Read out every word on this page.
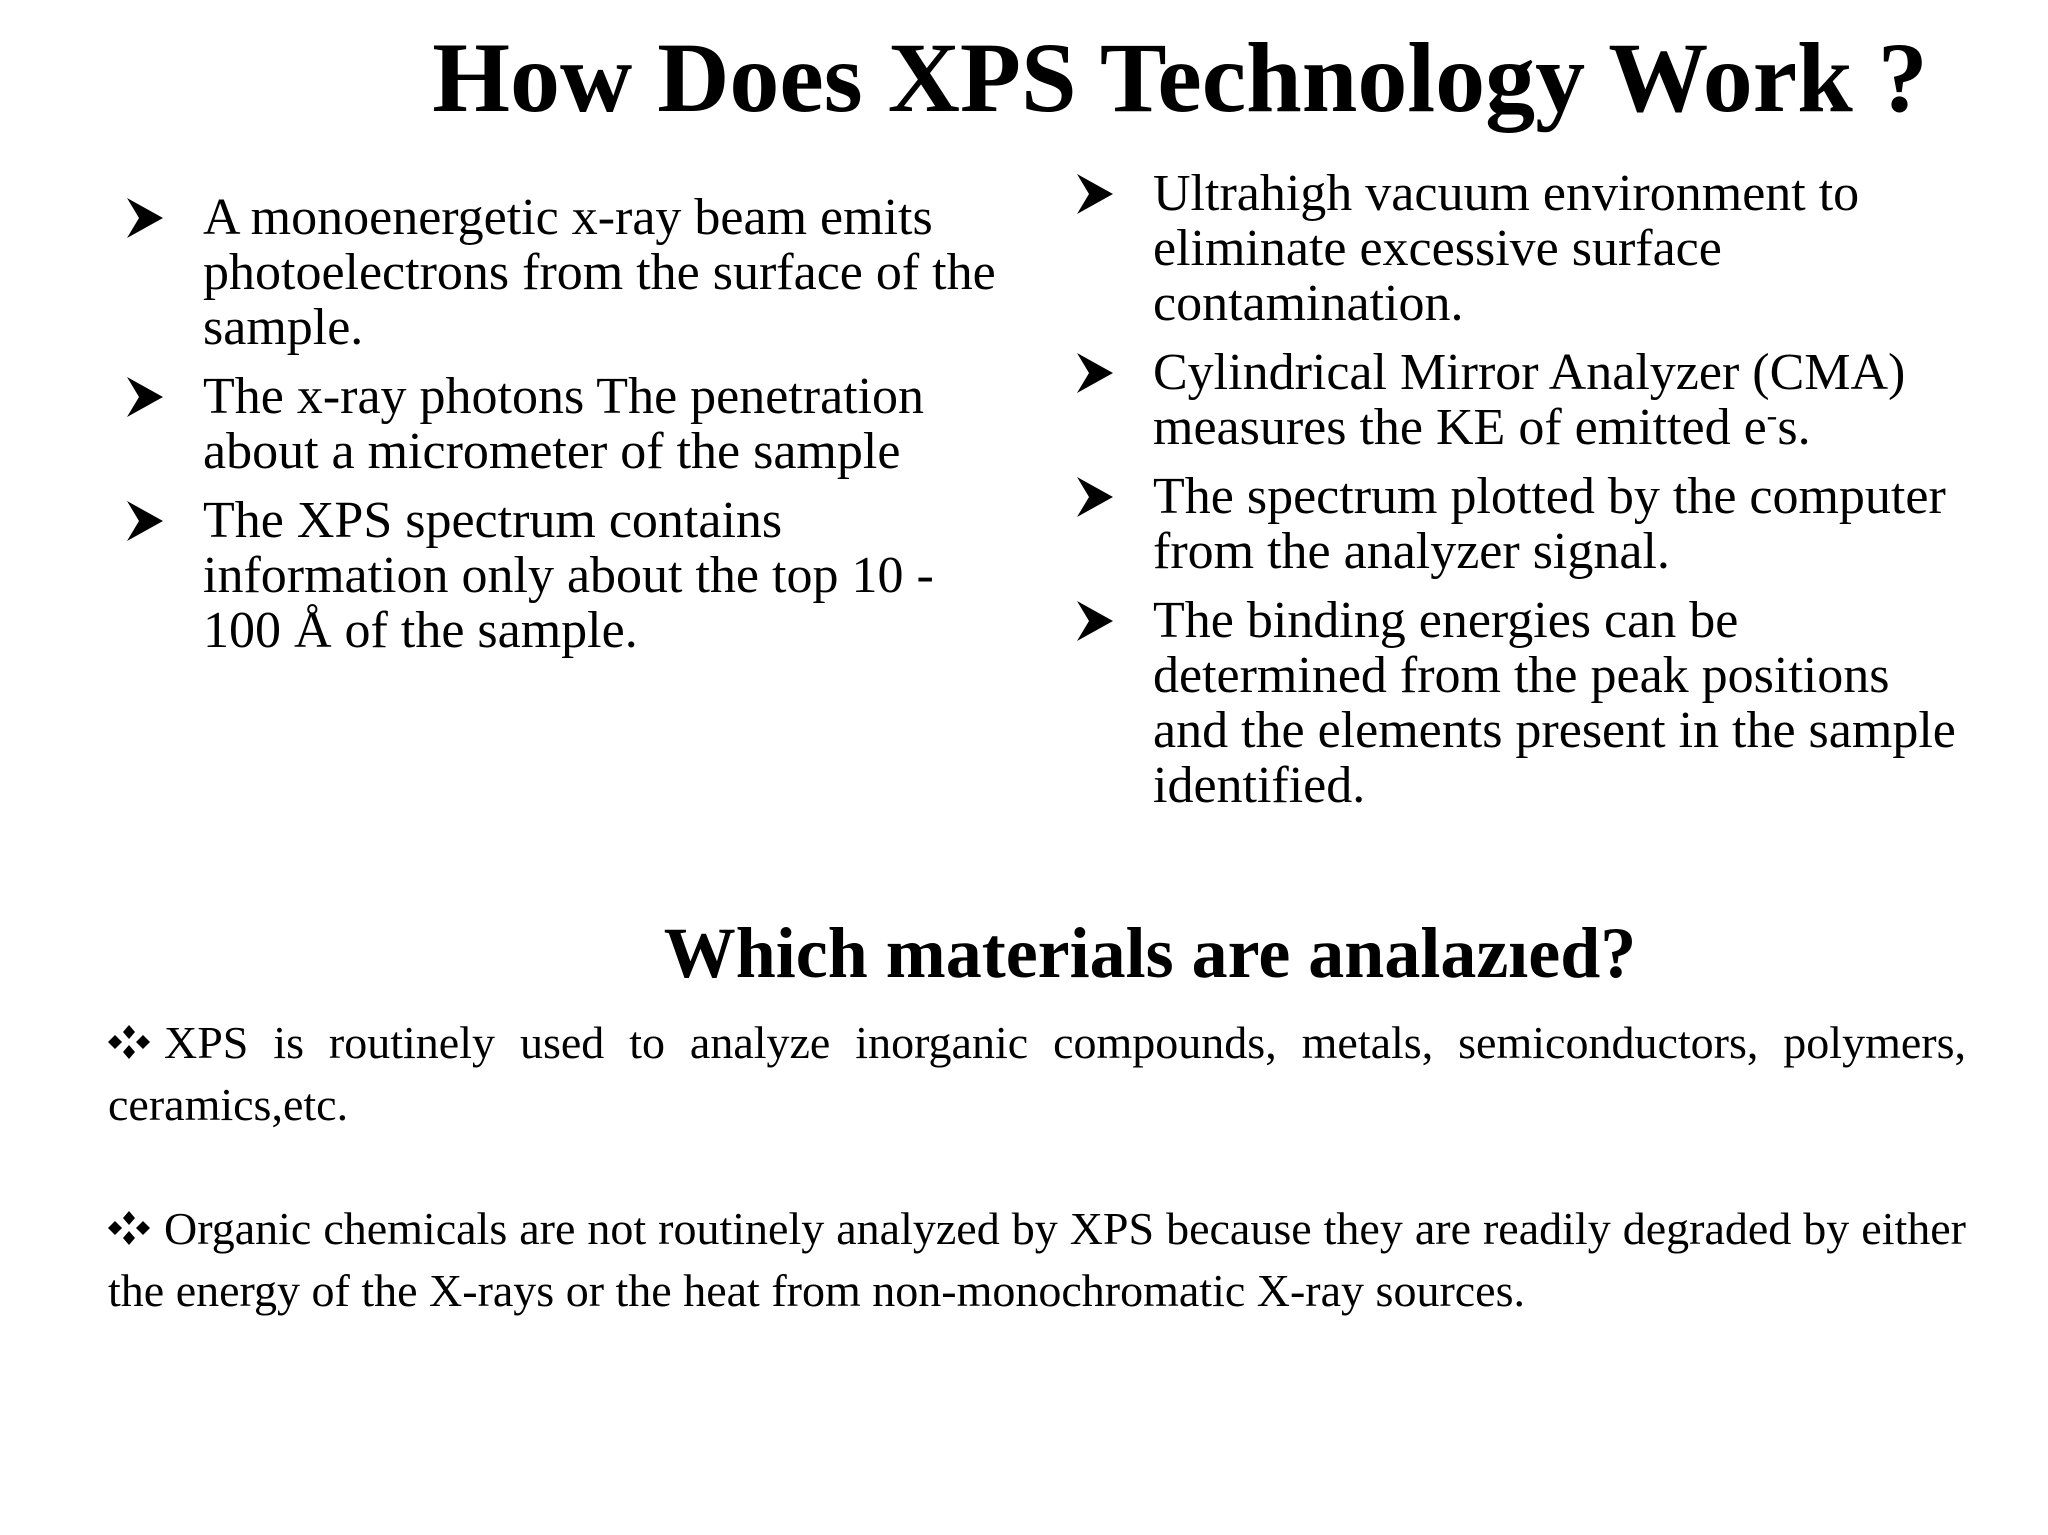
How Does XPS Technology Work ?
A monoenergetic x-ray beam emits photoelectrons from the surface of the sample.
The x-ray photons The penetration about a micrometer of the sample
The XPS spectrum contains information only about the top 10 - 100 Å of the sample.
Ultrahigh vacuum environment to eliminate excessive surface contamination.
Cylindrical Mirror Analyzer (CMA) measures the KE of emitted e-s.
The spectrum plotted by the computer from the analyzer signal.
The binding energies can be determined from the peak positions and the elements present in the sample identified.
Which materials are analazıed?

XPS is routinely used to analyze inorganic compounds, metals, semiconductors, polymers, ceramics,etc.

Organic chemicals are not routinely analyzed by XPS because they are readily degraded by either the energy of the X-rays or the heat from non-monochromatic X-ray sources.
